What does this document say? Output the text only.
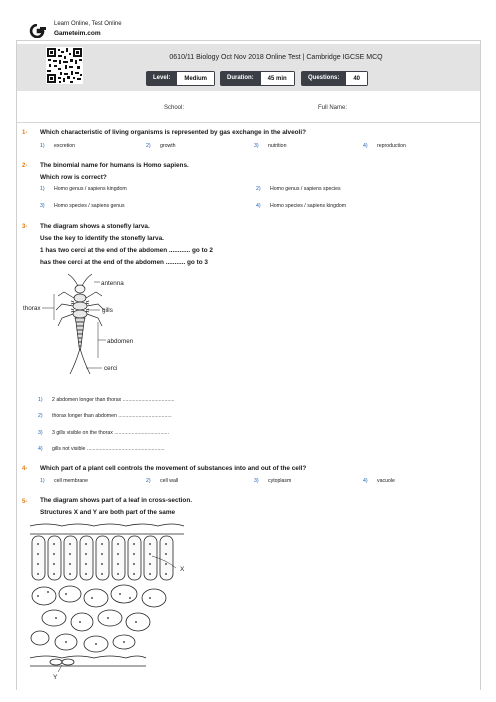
Learn Online, Test Online
Gameteim.com
0610/11 Biology Oct Nov 2018 Online Test | Cambridge IGCSE MCQ
Level:	Medium	Duration:	45 min	Questions:	40
School:	Full Name:
1- Which characteristic of living organisms is represented by gas exchange in the alveoli?
1) excretion	2) growth	3) nutrition	4) reproduction
2- The binomial name for humans is Homo sapiens.
Which row is correct?
1) Homo genus / sapiens kingdom	2) Homo genus / sapiens species
3) Homo species / sapiens genus	4) Homo species / sapiens kingdom
3- The diagram shows a stonefly larva.
Use the key to identify the stonefly larva.
1 has two cerci at the end of the abdomen ............ go to 2
has thee cerci at the end of the abdomen ........... go to 3
antenna
thorax	gills
abdomen
cerci
1) 2 abdomen longer than thorax ....................................
2) thorax longer than abdomen .....................................
3) 3 gills visible on the thorax ......................................
4) gills not visible ......................................................
4- Which part of a plant cell controls the movement of substances into and out of the cell?
1) cell membrane	2) cell wall	3) cytoplasm	4) vacuole
5- The diagram shows part of a leaf in cross-section.
Structures X and Y are both part of the same
X
Y
